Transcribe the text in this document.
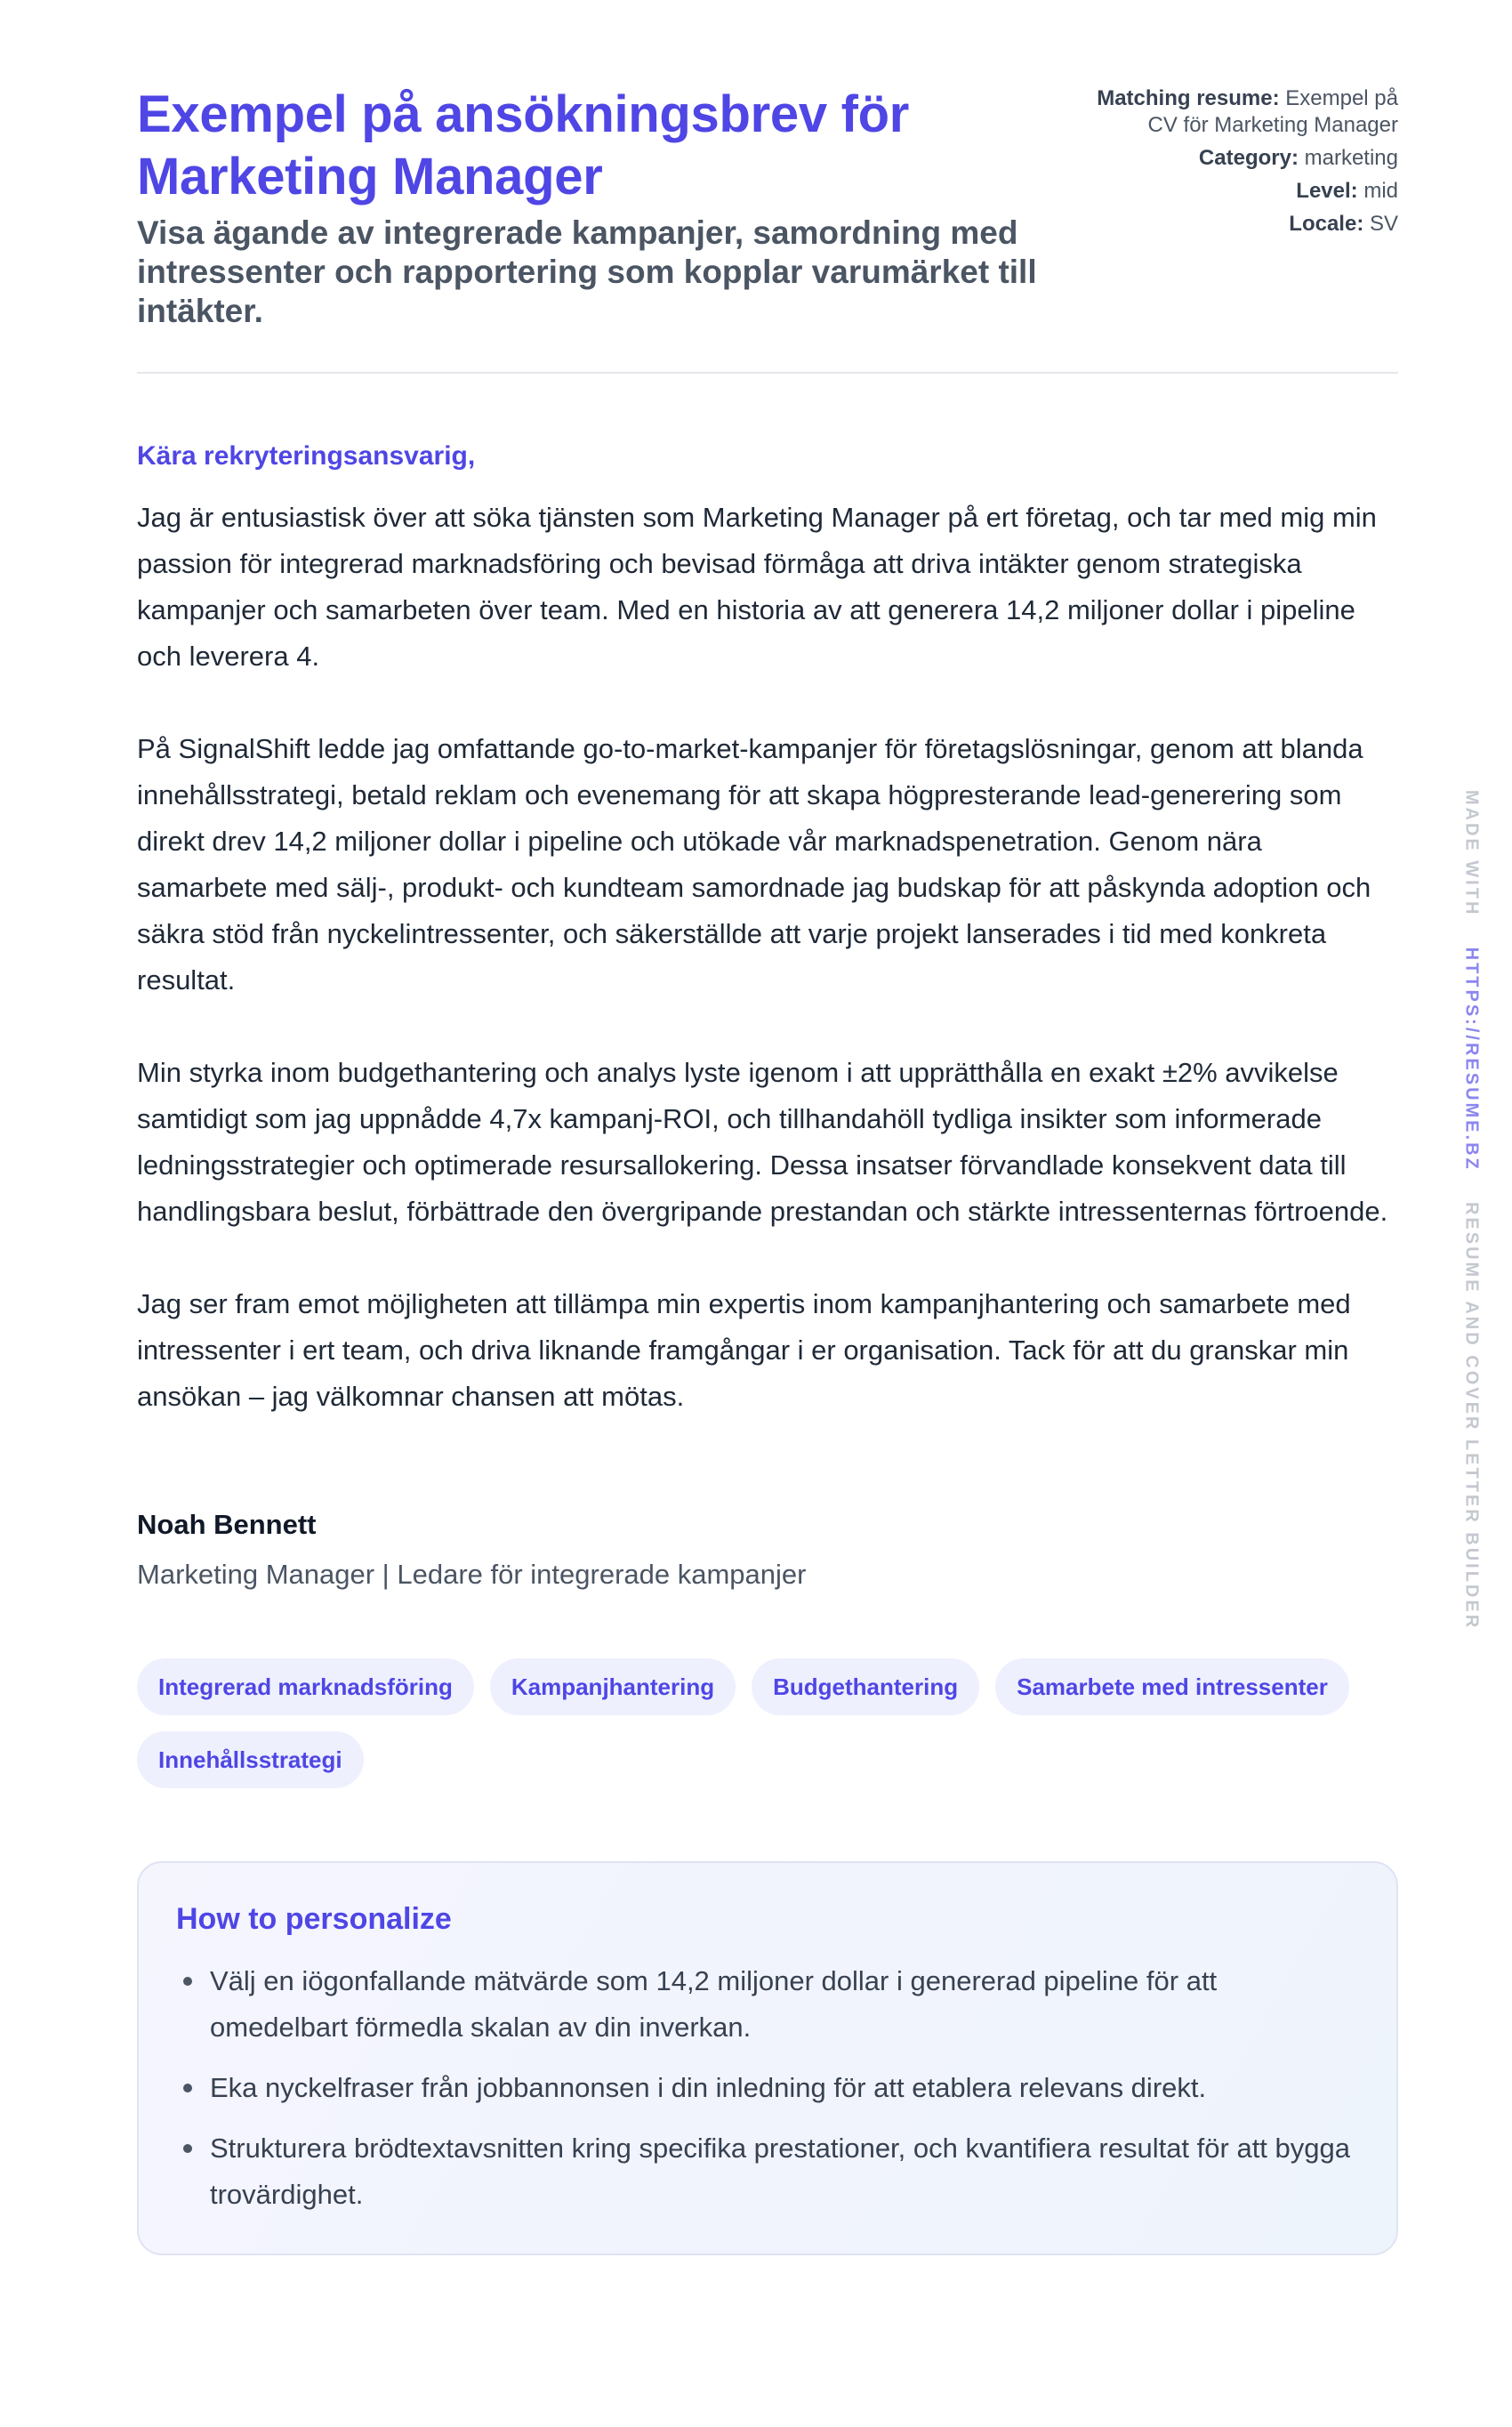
Exempel på ansökningsbrev för Marketing Manager

Visa ägande av integrerade kampanjer, samordning med intressenter och rapportering som kopplar varumärket till intäkter.

Matching resume: Exempel på CV för Marketing Manager
Category: marketing
Level: mid
Locale: SV
Kära rekryteringsansvarig,

Jag är entusiastisk över att söka tjänsten som Marketing Manager på ert företag, och tar med mig min passion för integrerad marknadsföring och bevisad förmåga att driva intäkter genom strategiska kampanjer och samarbeten över team. Med en historia av att generera 14,2 miljoner dollar i pipeline och leverera 4.

På SignalShift ledde jag omfattande go-to-market-kampanjer för företagslösningar, genom att blanda innehållsstrategi, betald reklam och evenemang för att skapa högpresterande lead-generering som direkt drev 14,2 miljoner dollar i pipeline och utökade vår marknadspenetration. Genom nära samarbete med sälj-, produkt- och kundteam samordnade jag budskap för att påskynda adoption och säkra stöd från nyckelintressenter, och säkerställde att varje projekt lanserades i tid med konkreta resultat.

Min styrka inom budgethantering och analys lyste igenom i att upprätthålla en exakt ±2% avvikelse samtidigt som jag uppnådde 4,7x kampanj-ROI, och tillhandahöll tydliga insikter som informerade ledningsstrategier och optimerade resursallokering. Dessa insatser förvandlade konsekvent data till handlingsbara beslut, förbättrade den övergripande prestandan och stärkte intressenternas förtroende.

Jag ser fram emot möjligheten att tillämpa min expertis inom kampanjhantering och samarbete med intressenter i ert team, och driva liknande framgångar i er organisation. Tack för att du granskar min ansökan – jag välkomnar chansen att mötas.

Noah Bennett
Marketing Manager | Ledare för integrerade kampanjer
Integrerad marknadsföring	Kampanjhantering	Budgethantering	Samarbete med intressenter
Innehållsstrategi
How to personalize
Välj en iögonfallande mätvärde som 14,2 miljoner dollar i genererad pipeline för att omedelbart förmedla skalan av din inverkan.
Eka nyckelfraser från jobbannonsen i din inledning för att etablera relevans direkt.
Strukturera brödtextavsnitten kring specifika prestationer, och kvantifiera resultat för att bygga trovärdighet.
MADE WITH    HTTPS://RESUME.BZ    RESUME AND COVER LETTER BUILDER
